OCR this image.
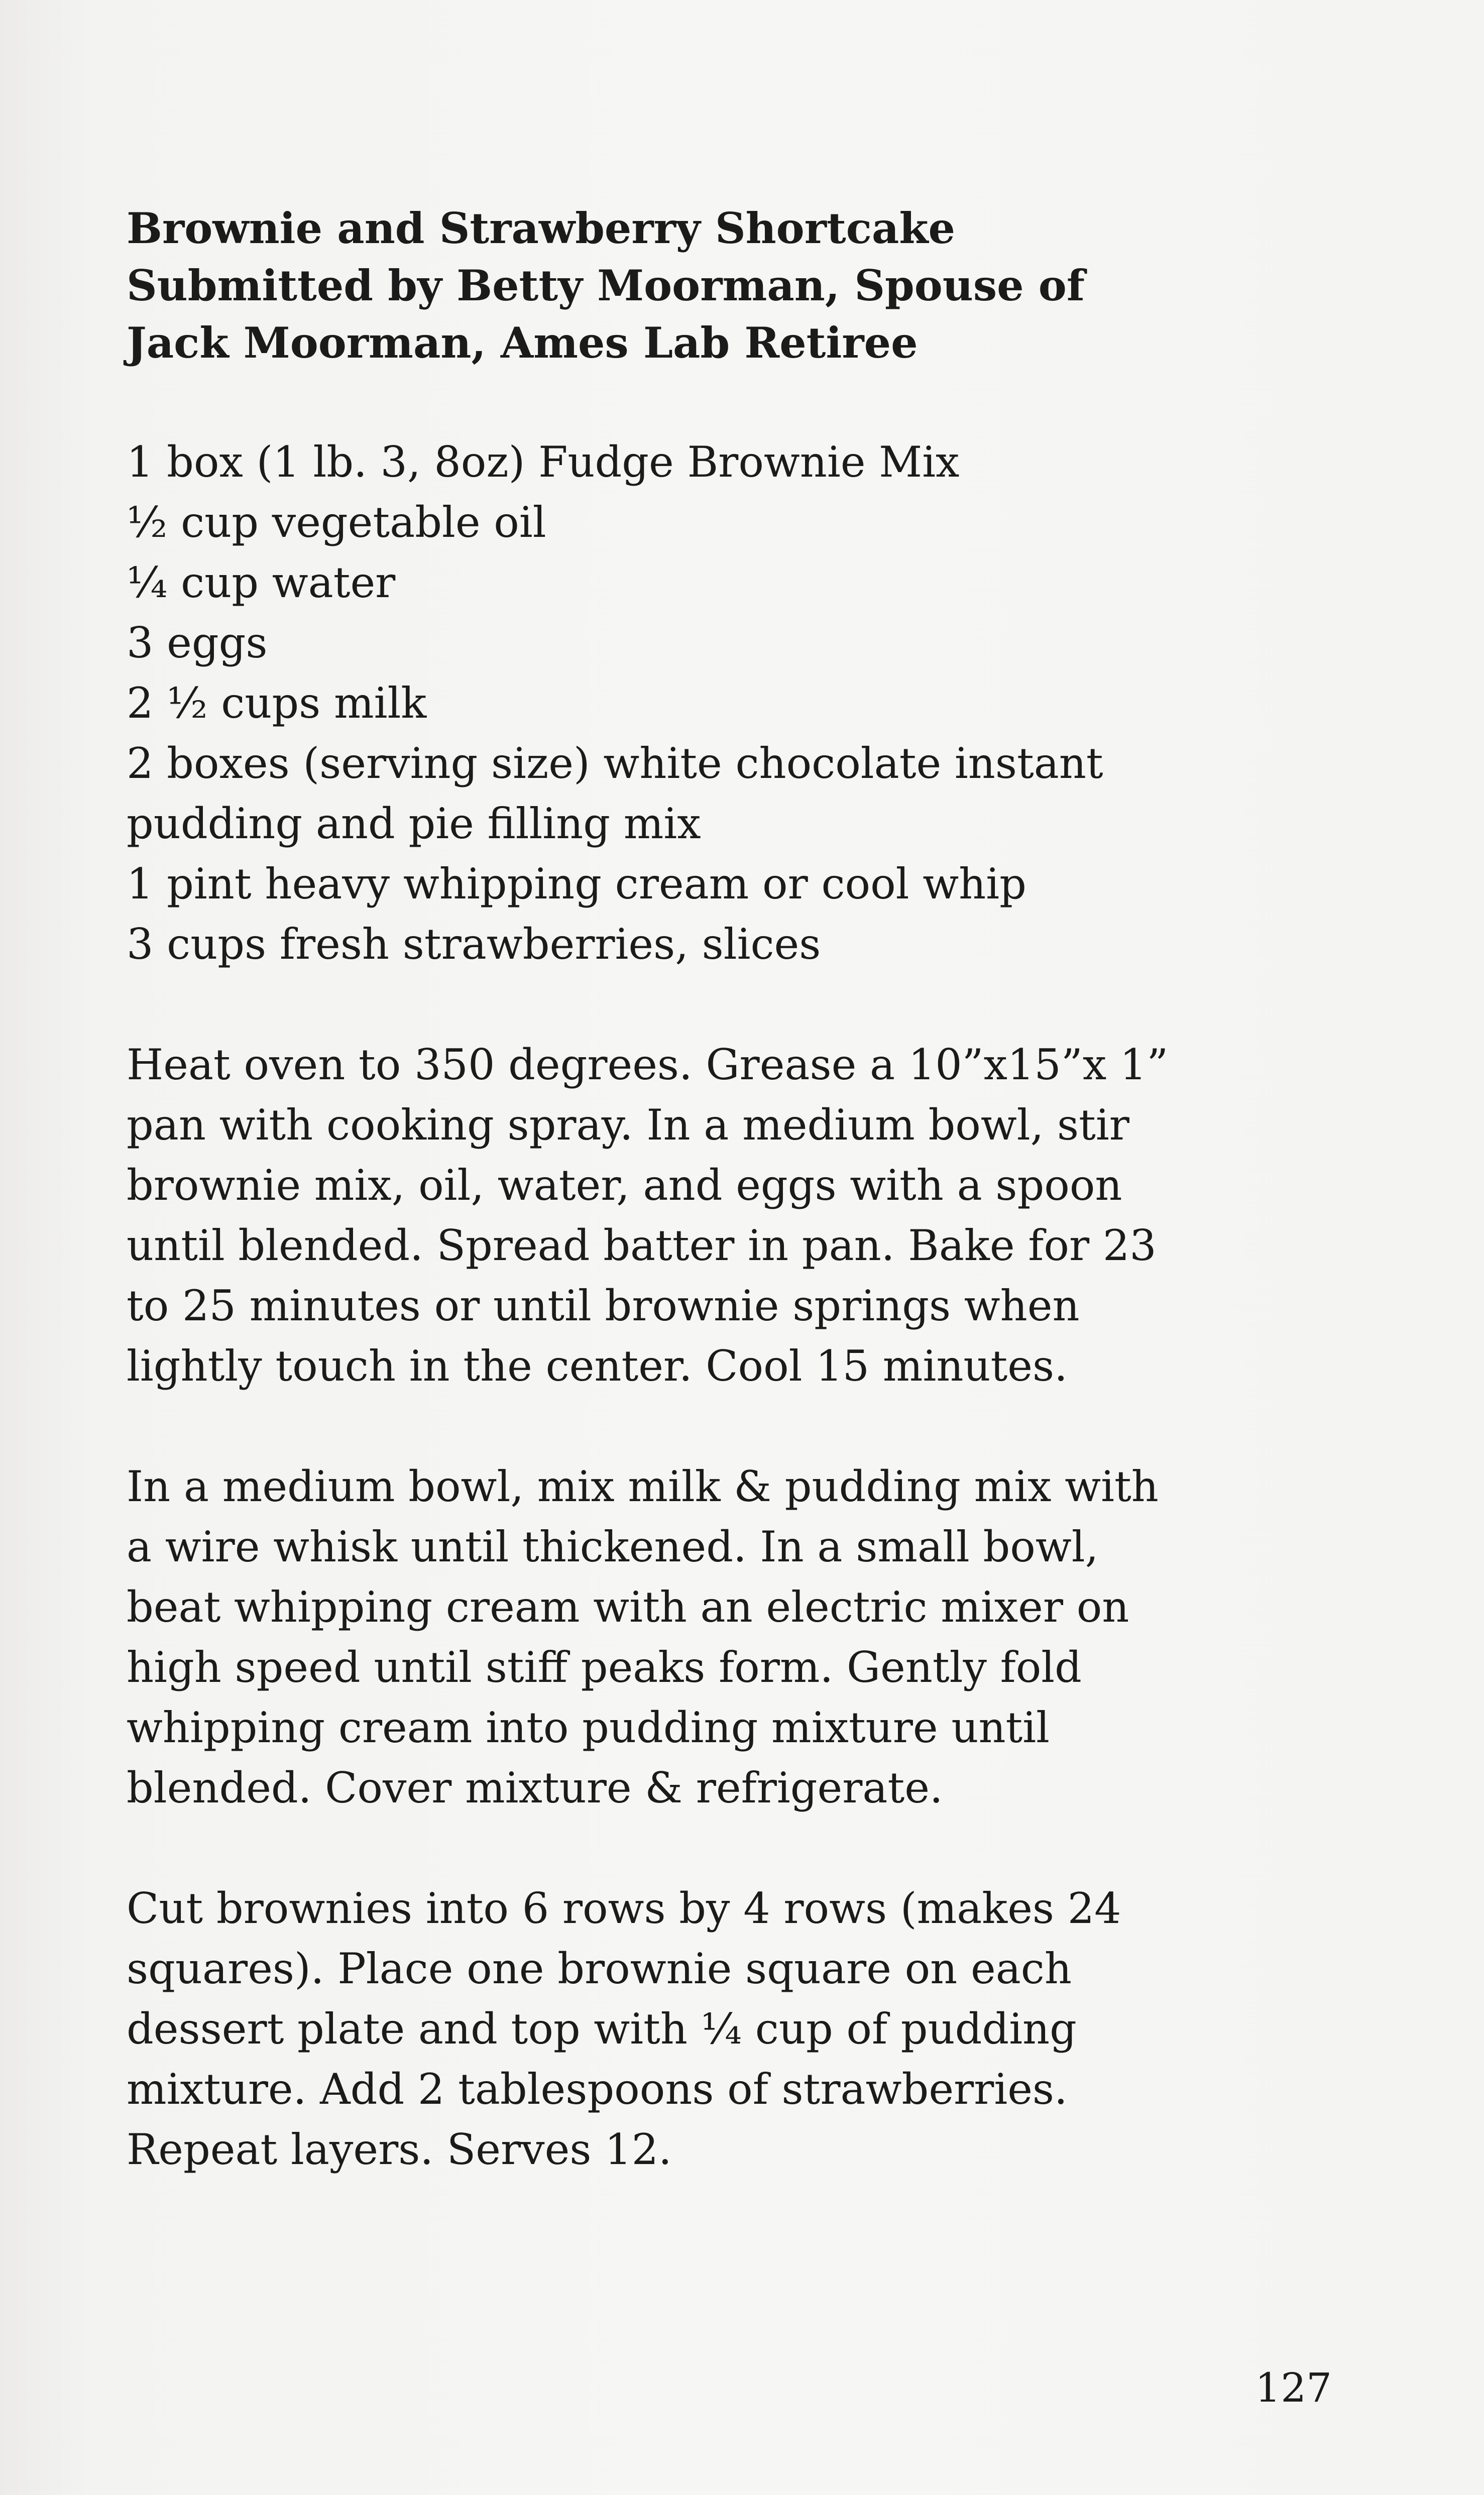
Brownie and Strawberry Shortcake
Submitted by Betty Moorman, Spouse of
Jack Moorman, Ames Lab Retiree
1 box (1 lb. 3, 8oz) Fudge Brownie Mix
½ cup vegetable oil
¼ cup water
3 eggs
2 ½ cups milk
2 boxes (serving size) white chocolate instant
pudding and pie filling mix
1 pint heavy whipping cream or cool whip
3 cups fresh strawberries, slices
Heat oven to 350 degrees. Grease a 10”x15”x 1”
pan with cooking spray. In a medium bowl, stir
brownie mix, oil, water, and eggs with a spoon
until blended. Spread batter in pan. Bake for 23
to 25 minutes or until brownie springs when
lightly touch in the center. Cool 15 minutes.
In a medium bowl, mix milk & pudding mix with
a wire whisk until thickened. In a small bowl,
beat whipping cream with an electric mixer on
high speed until stiff peaks form. Gently fold
whipping cream into pudding mixture until
blended. Cover mixture & refrigerate.
Cut brownies into 6 rows by 4 rows (makes 24
squares). Place one brownie square on each
dessert plate and top with ¼ cup of pudding
mixture. Add 2 tablespoons of strawberries.
Repeat layers. Serves 12.
127
